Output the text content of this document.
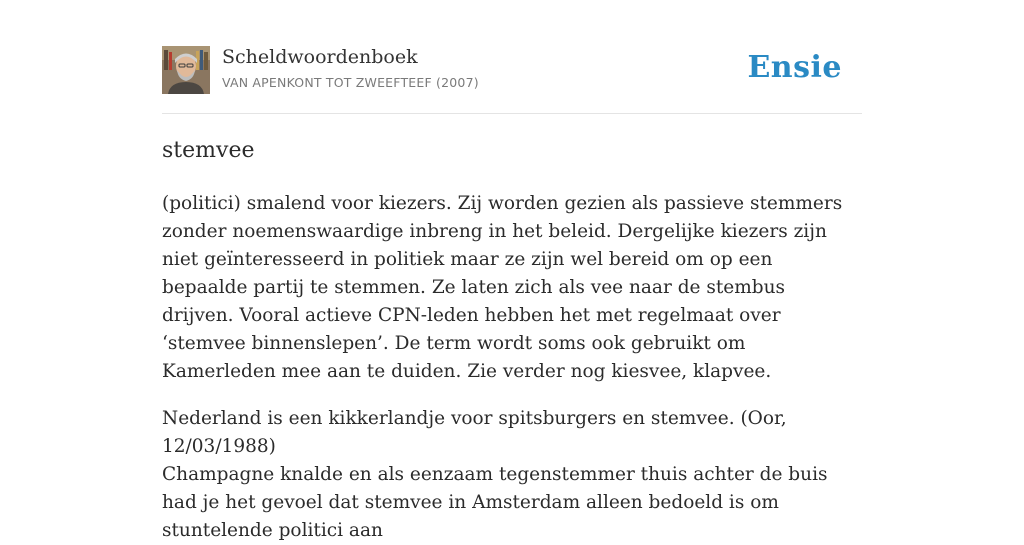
Scheldwoordenboek
VAN APENKONT TOT ZWEEFTEEF (2007)	Ensie
stemvee
(politici) smalend voor kiezers. Zij worden gezien als passieve stemmers zonder noemenswaardige inbreng in het beleid. Dergelijke kiezers zijn niet geïnteresseerd in politiek maar ze zijn wel bereid om op een bepaalde partij te stemmen. Ze laten zich als vee naar de stembus drijven. Vooral actieve CPN-leden hebben het met regelmaat over ‘stemvee binnenslepen’. De term wordt soms ook gebruikt om Kamerleden mee aan te duiden. Zie verder nog kiesvee, klapvee.
Nederland is een kikkerlandje voor spitsburgers en stemvee. (Oor, 12/03/1988)
Champagne knalde en als eenzaam tegenstemmer thuis achter de buis had je het gevoel dat stemvee in Amsterdam alleen bedoeld is om stuntelende politici aan
